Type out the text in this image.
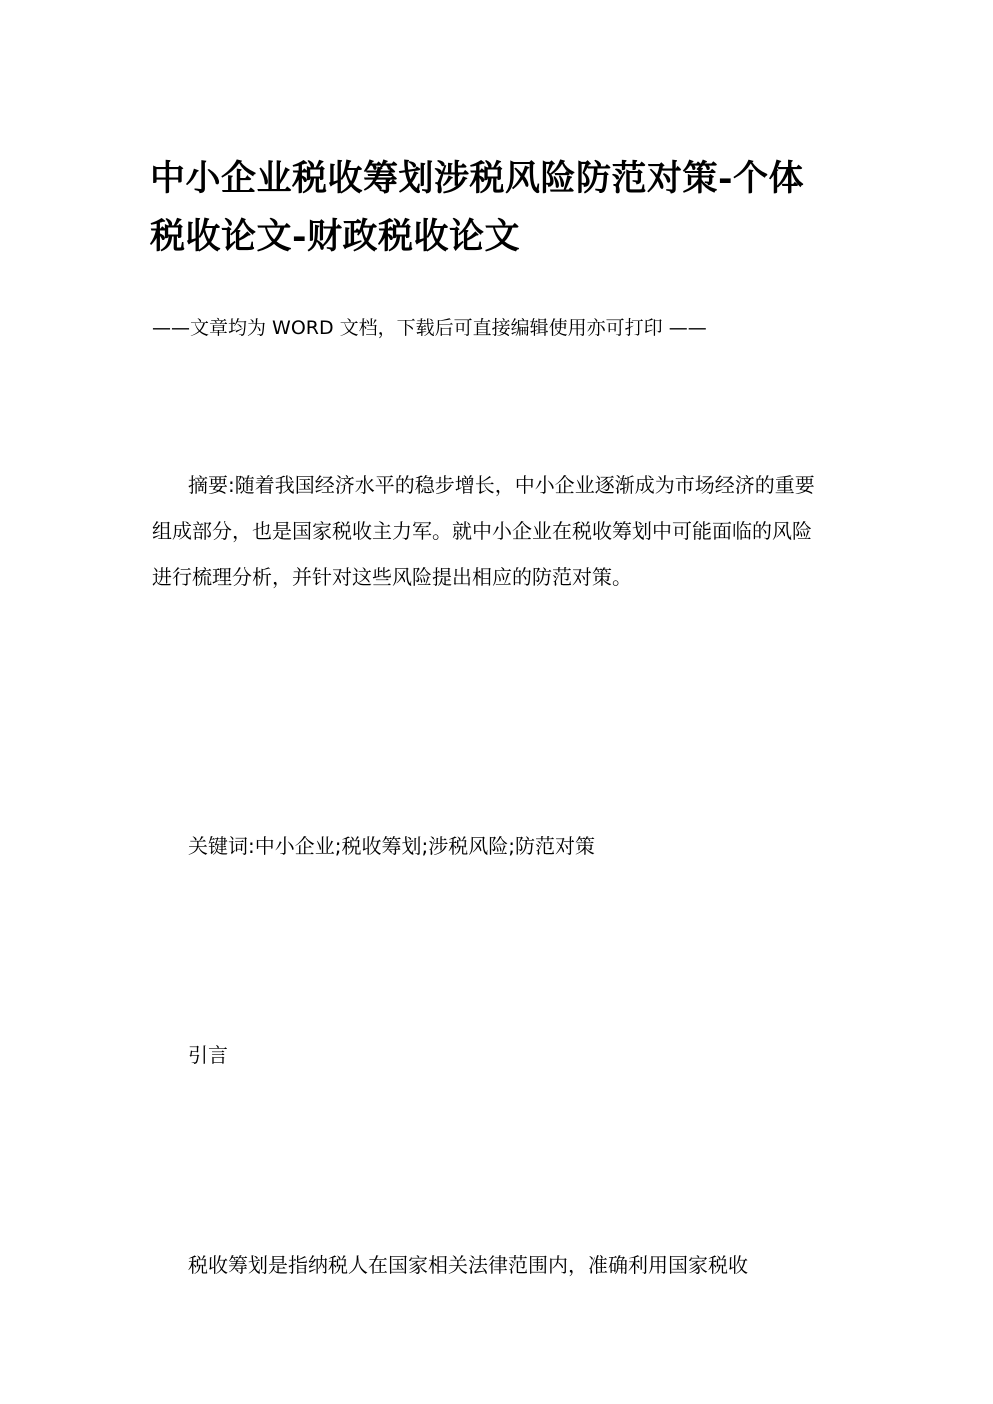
中小企业税收筹划涉税风险防范对策-个体
税收论文-财政税收论文

——文章均为 WORD 文档，下载后可直接编辑使用亦可打印 ——

摘要:随着我国经济水平的稳步增长，中小企业逐渐成为市场经济的重要组成部分，也是国家税收主力军。就中小企业在税收筹划中可能面临的风险进行梳理分析，并针对这些风险提出相应的防范对策。

关键词:中小企业;税收筹划;涉税风险;防范对策

引言

税收筹划是指纳税人在国家相关法律范围内，准确利用国家税收
